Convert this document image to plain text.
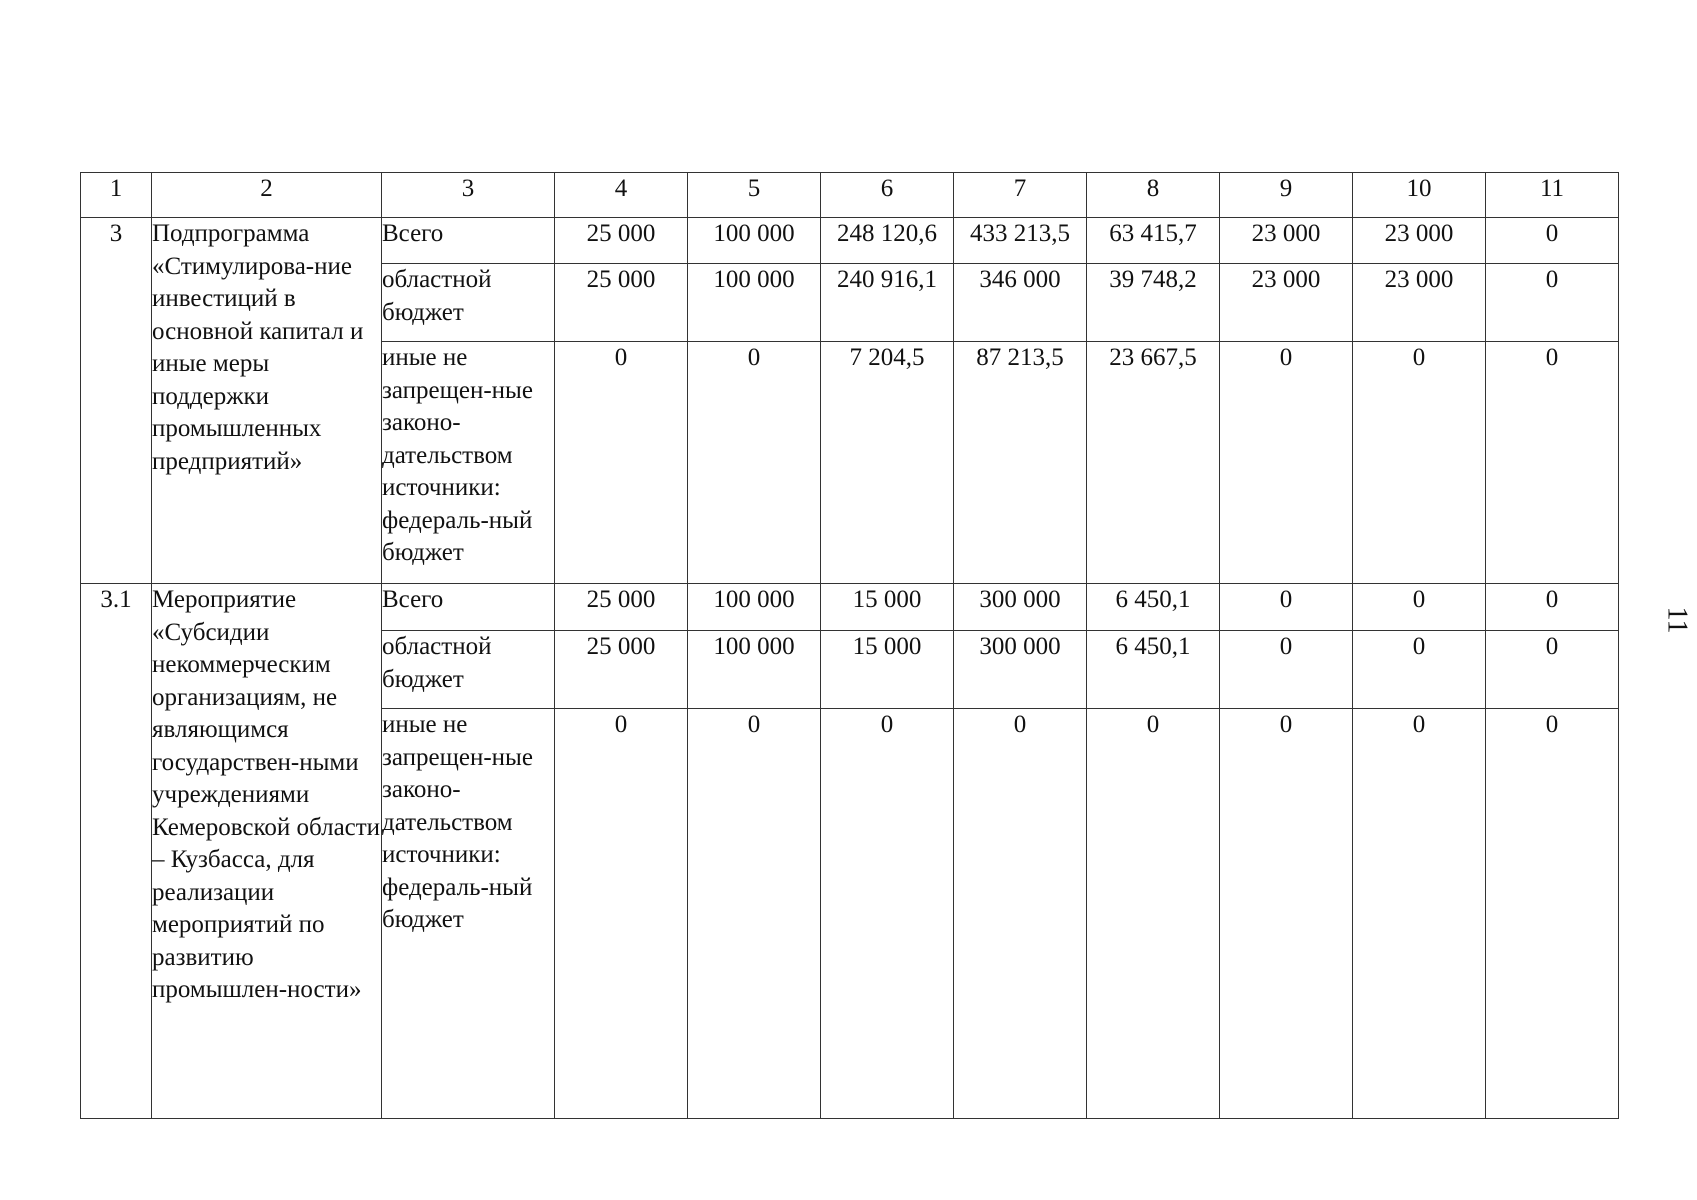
1	2	3	4	5	6	7	8	9	10	11
3	Подпрограмма «Стимулирова-ние инвестиций в основной капитал и иные меры поддержки промышленных предприятий»	Всего	25 000	100 000	248 120,6	433 213,5	63 415,7	23 000	23 000	0
		областной бюджет	25 000	100 000	240 916,1	346 000	39 748,2	23 000	23 000	0
		иные не запрещен-ные законо-дательством источники: федераль-ный бюджет	0	0	7 204,5	87 213,5	23 667,5	0	0	0
3.1	Мероприятие «Субсидии некоммерческим организациям, не являющимся государствен-ными учреждениями Кемеровской области – Кузбасса, для реализации мероприятий по развитию промышлен-ности»	Всего	25 000	100 000	15 000	300 000	6 450,1	0	0	0
		областной бюджет	25 000	100 000	15 000	300 000	6 450,1	0	0	0
		иные не запрещен-ные законо-дательством источники: федераль-ный бюджет	0	0	0	0	0	0	0	0
11
